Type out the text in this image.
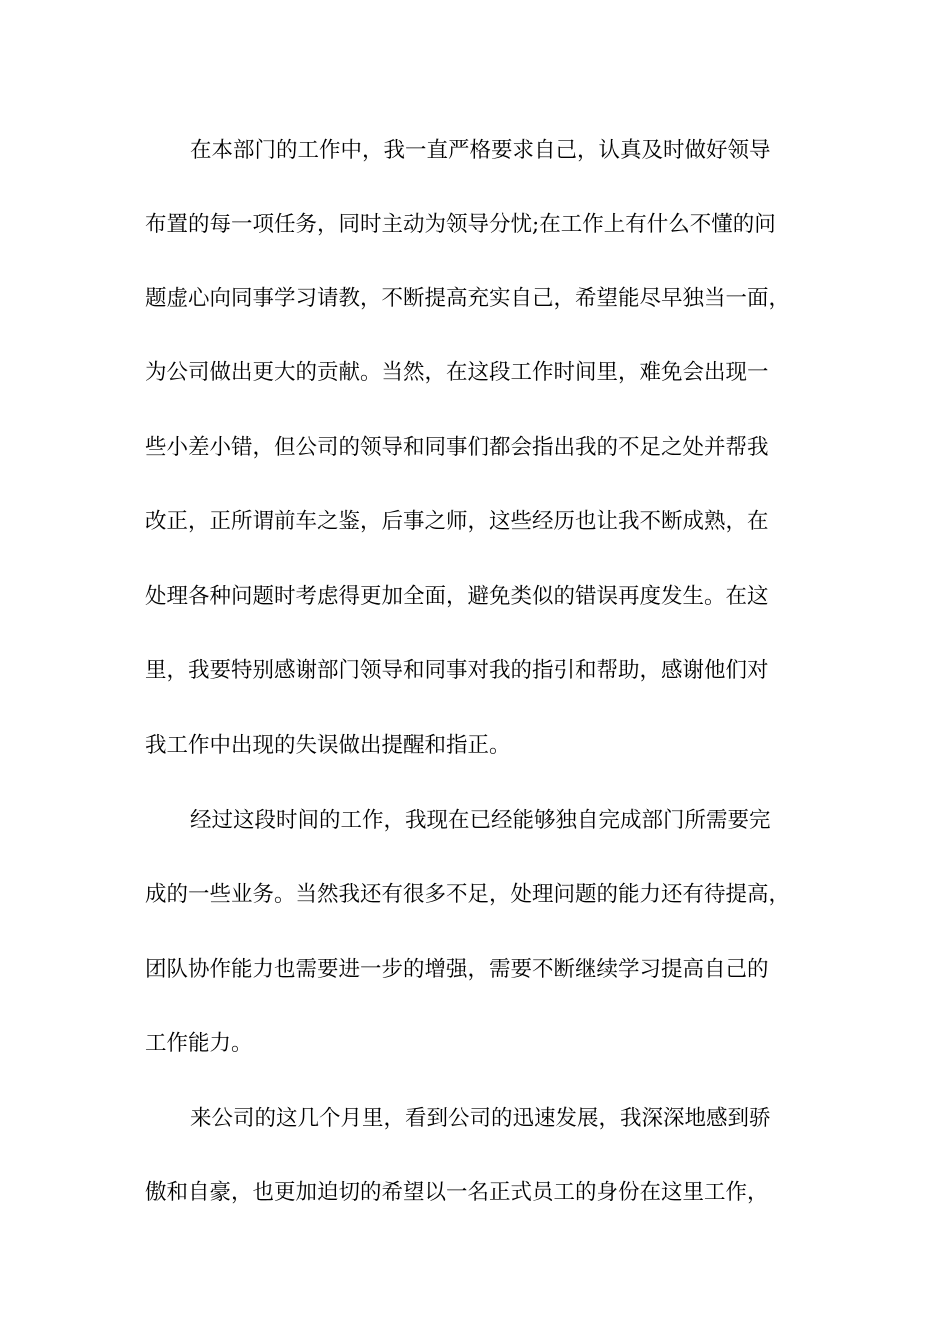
在本部门的工作中，我一直严格要求自己，认真及时做好领导
布置的每一项任务，同时主动为领导分忧;在工作上有什么不懂的问
题虚心向同事学习请教，不断提高充实自己，希望能尽早独当一面，
为公司做出更大的贡献。当然，在这段工作时间里，难免会出现一
些小差小错，但公司的领导和同事们都会指出我的不足之处并帮我
改正，正所谓前车之鉴，后事之师，这些经历也让我不断成熟，在
处理各种问题时考虑得更加全面，避免类似的错误再度发生。在这
里，我要特别感谢部门领导和同事对我的指引和帮助，感谢他们对
我工作中出现的失误做出提醒和指正。
经过这段时间的工作，我现在已经能够独自完成部门所需要完
成的一些业务。当然我还有很多不足，处理问题的能力还有待提高，
团队协作能力也需要进一步的增强，需要不断继续学习提高自己的
工作能力。
来公司的这几个月里，看到公司的迅速发展，我深深地感到骄
傲和自豪，也更加迫切的希望以一名正式员工的身份在这里工作，
